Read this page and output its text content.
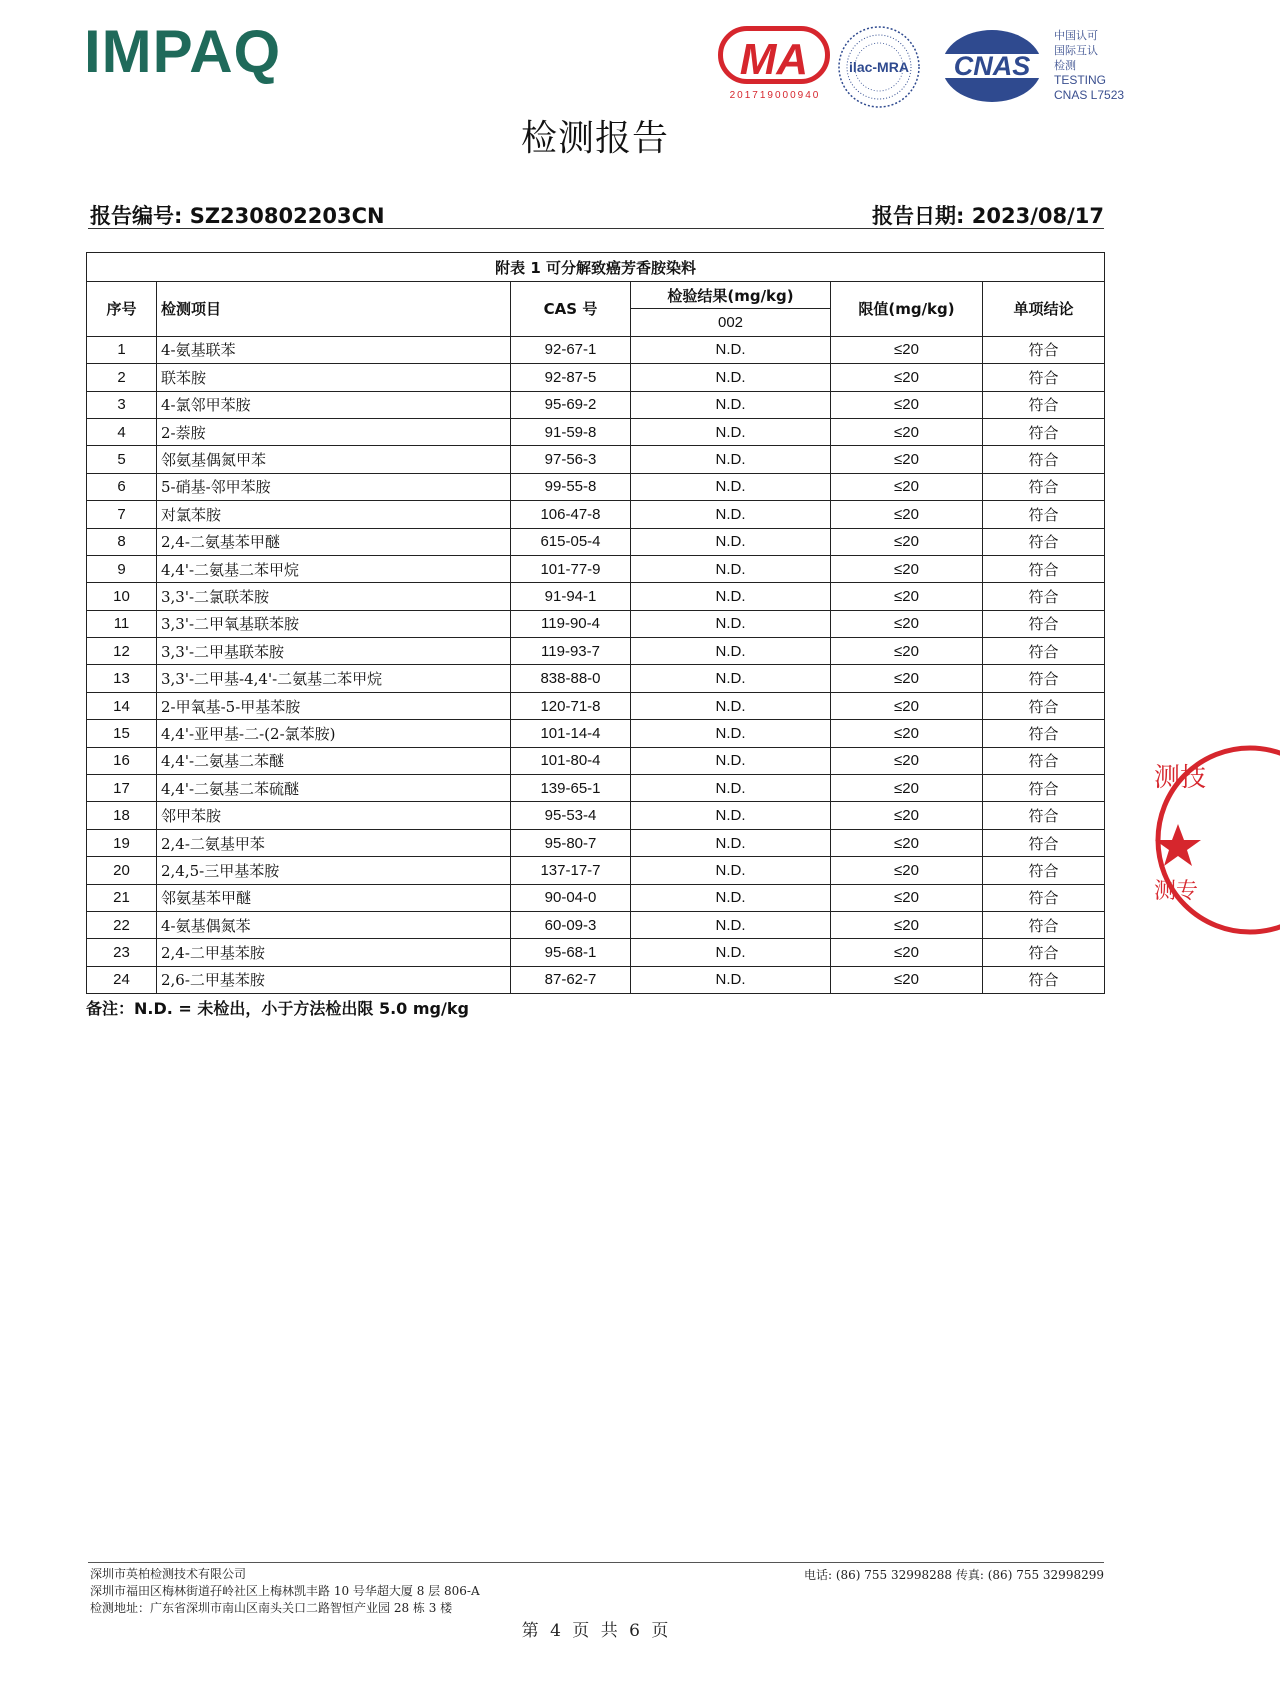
IMPAQ	MA
201719000940
ilac-MRA CNAS
中国认可
国际互认
检测
TESTING
CNAS L7523
检测报告
报告编号: SZ230802203CN	报告日期: 2023/08/17
附表 1 可分解致癌芳香胺染料					
序号	检测项目	CAS 号	检验结果(mg/kg)	限值(mg/kg)	单项结论
			002		
1	4-氨基联苯	92-67-1	N.D.	≤20	符合
2	联苯胺	92-87-5	N.D.	≤20	符合
3	4-氯邻甲苯胺	95-69-2	N.D.	≤20	符合
4	2-萘胺	91-59-8	N.D.	≤20	符合
5	邻氨基偶氮甲苯	97-56-3	N.D.	≤20	符合
6	5-硝基-邻甲苯胺	99-55-8	N.D.	≤20	符合
7	对氯苯胺	106-47-8	N.D.	≤20	符合
8	2,4-二氨基苯甲醚	615-05-4	N.D.	≤20	符合
9	4,4'-二氨基二苯甲烷	101-77-9	N.D.	≤20	符合
10	3,3'-二氯联苯胺	91-94-1	N.D.	≤20	符合
11	3,3'-二甲氧基联苯胺	119-90-4	N.D.	≤20	符合
12	3,3'-二甲基联苯胺	119-93-7	N.D.	≤20	符合
13	3,3'-二甲基-4,4'-二氨基二苯甲烷	838-88-0	N.D.	≤20	符合
14	2-甲氧基-5-甲基苯胺	120-71-8	N.D.	≤20	符合
15	4,4'-亚甲基-二-(2-氯苯胺)	101-14-4	N.D.	≤20	符合
16	4,4'-二氨基二苯醚	101-80-4	N.D.	≤20	符合
17	4,4'-二氨基二苯硫醚	139-65-1	N.D.	≤20	符合
18	邻甲苯胺	95-53-4	N.D.	≤20	符合
19	2,4-二氨基甲苯	95-80-7	N.D.	≤20	符合
20	2,4,5-三甲基苯胺	137-17-7	N.D.	≤20	符合
21	邻氨基苯甲醚	90-04-0	N.D.	≤20	符合
22	4-氨基偶氮苯	60-09-3	N.D.	≤20	符合
23	2,4-二甲基苯胺	95-68-1	N.D.	≤20	符合
24	2,6-二甲基苯胺	87-62-7	N.D.	≤20	符合
备注：N.D. = 未检出，小于方法检出限 5.0 mg/kg
测技
测专
深圳市英柏检测技术有限公司
深圳市福田区梅林街道孖岭社区上梅林凯丰路 10 号华超大厦 8 层 806-A
检测地址：广东省深圳市南山区南头关口二路智恒产业园 28 栋 3 楼
电话: (86) 755 32998288 传真: (86) 755 32998299
第 4 页 共 6 页
